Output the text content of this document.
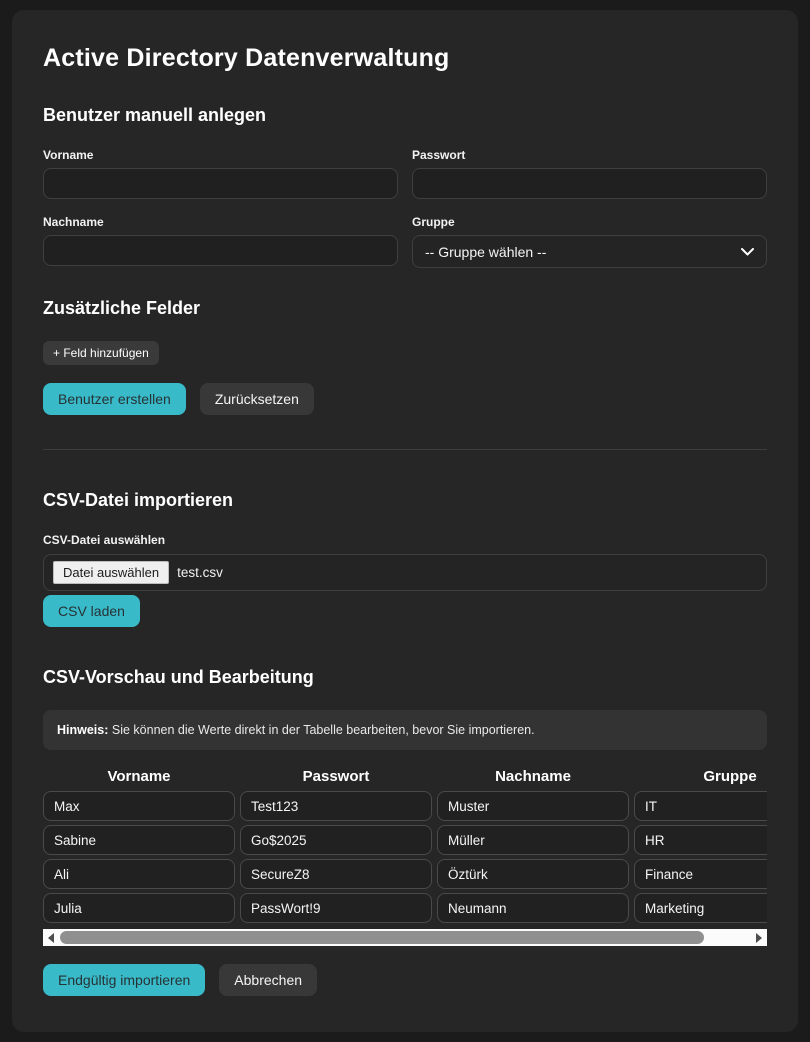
Active Directory Datenverwaltung
Benutzer manuell anlegen
Vorname	Passwort
Nachname	Gruppe
-- Gruppe wählen --
Zusätzliche Felder
+ Feld hinzufügen
Benutzer erstellen	Zurücksetzen
CSV-Datei importieren
CSV-Datei auswählen
Datei auswählen	test.csv
CSV laden
CSV-Vorschau und Bearbeitung
Hinweis: Sie können die Werte direkt in der Tabelle bearbeiten, bevor Sie importieren.
Vorname	Passwort	Nachname	Gruppe
Max	Test123	Muster	IT
Sabine	Go$2025	Müller	HR
Ali	SecureZ8	Öztürk	Finance
Julia	PassWort!9	Neumann	Marketing
Endgültig importieren	Abbrechen
